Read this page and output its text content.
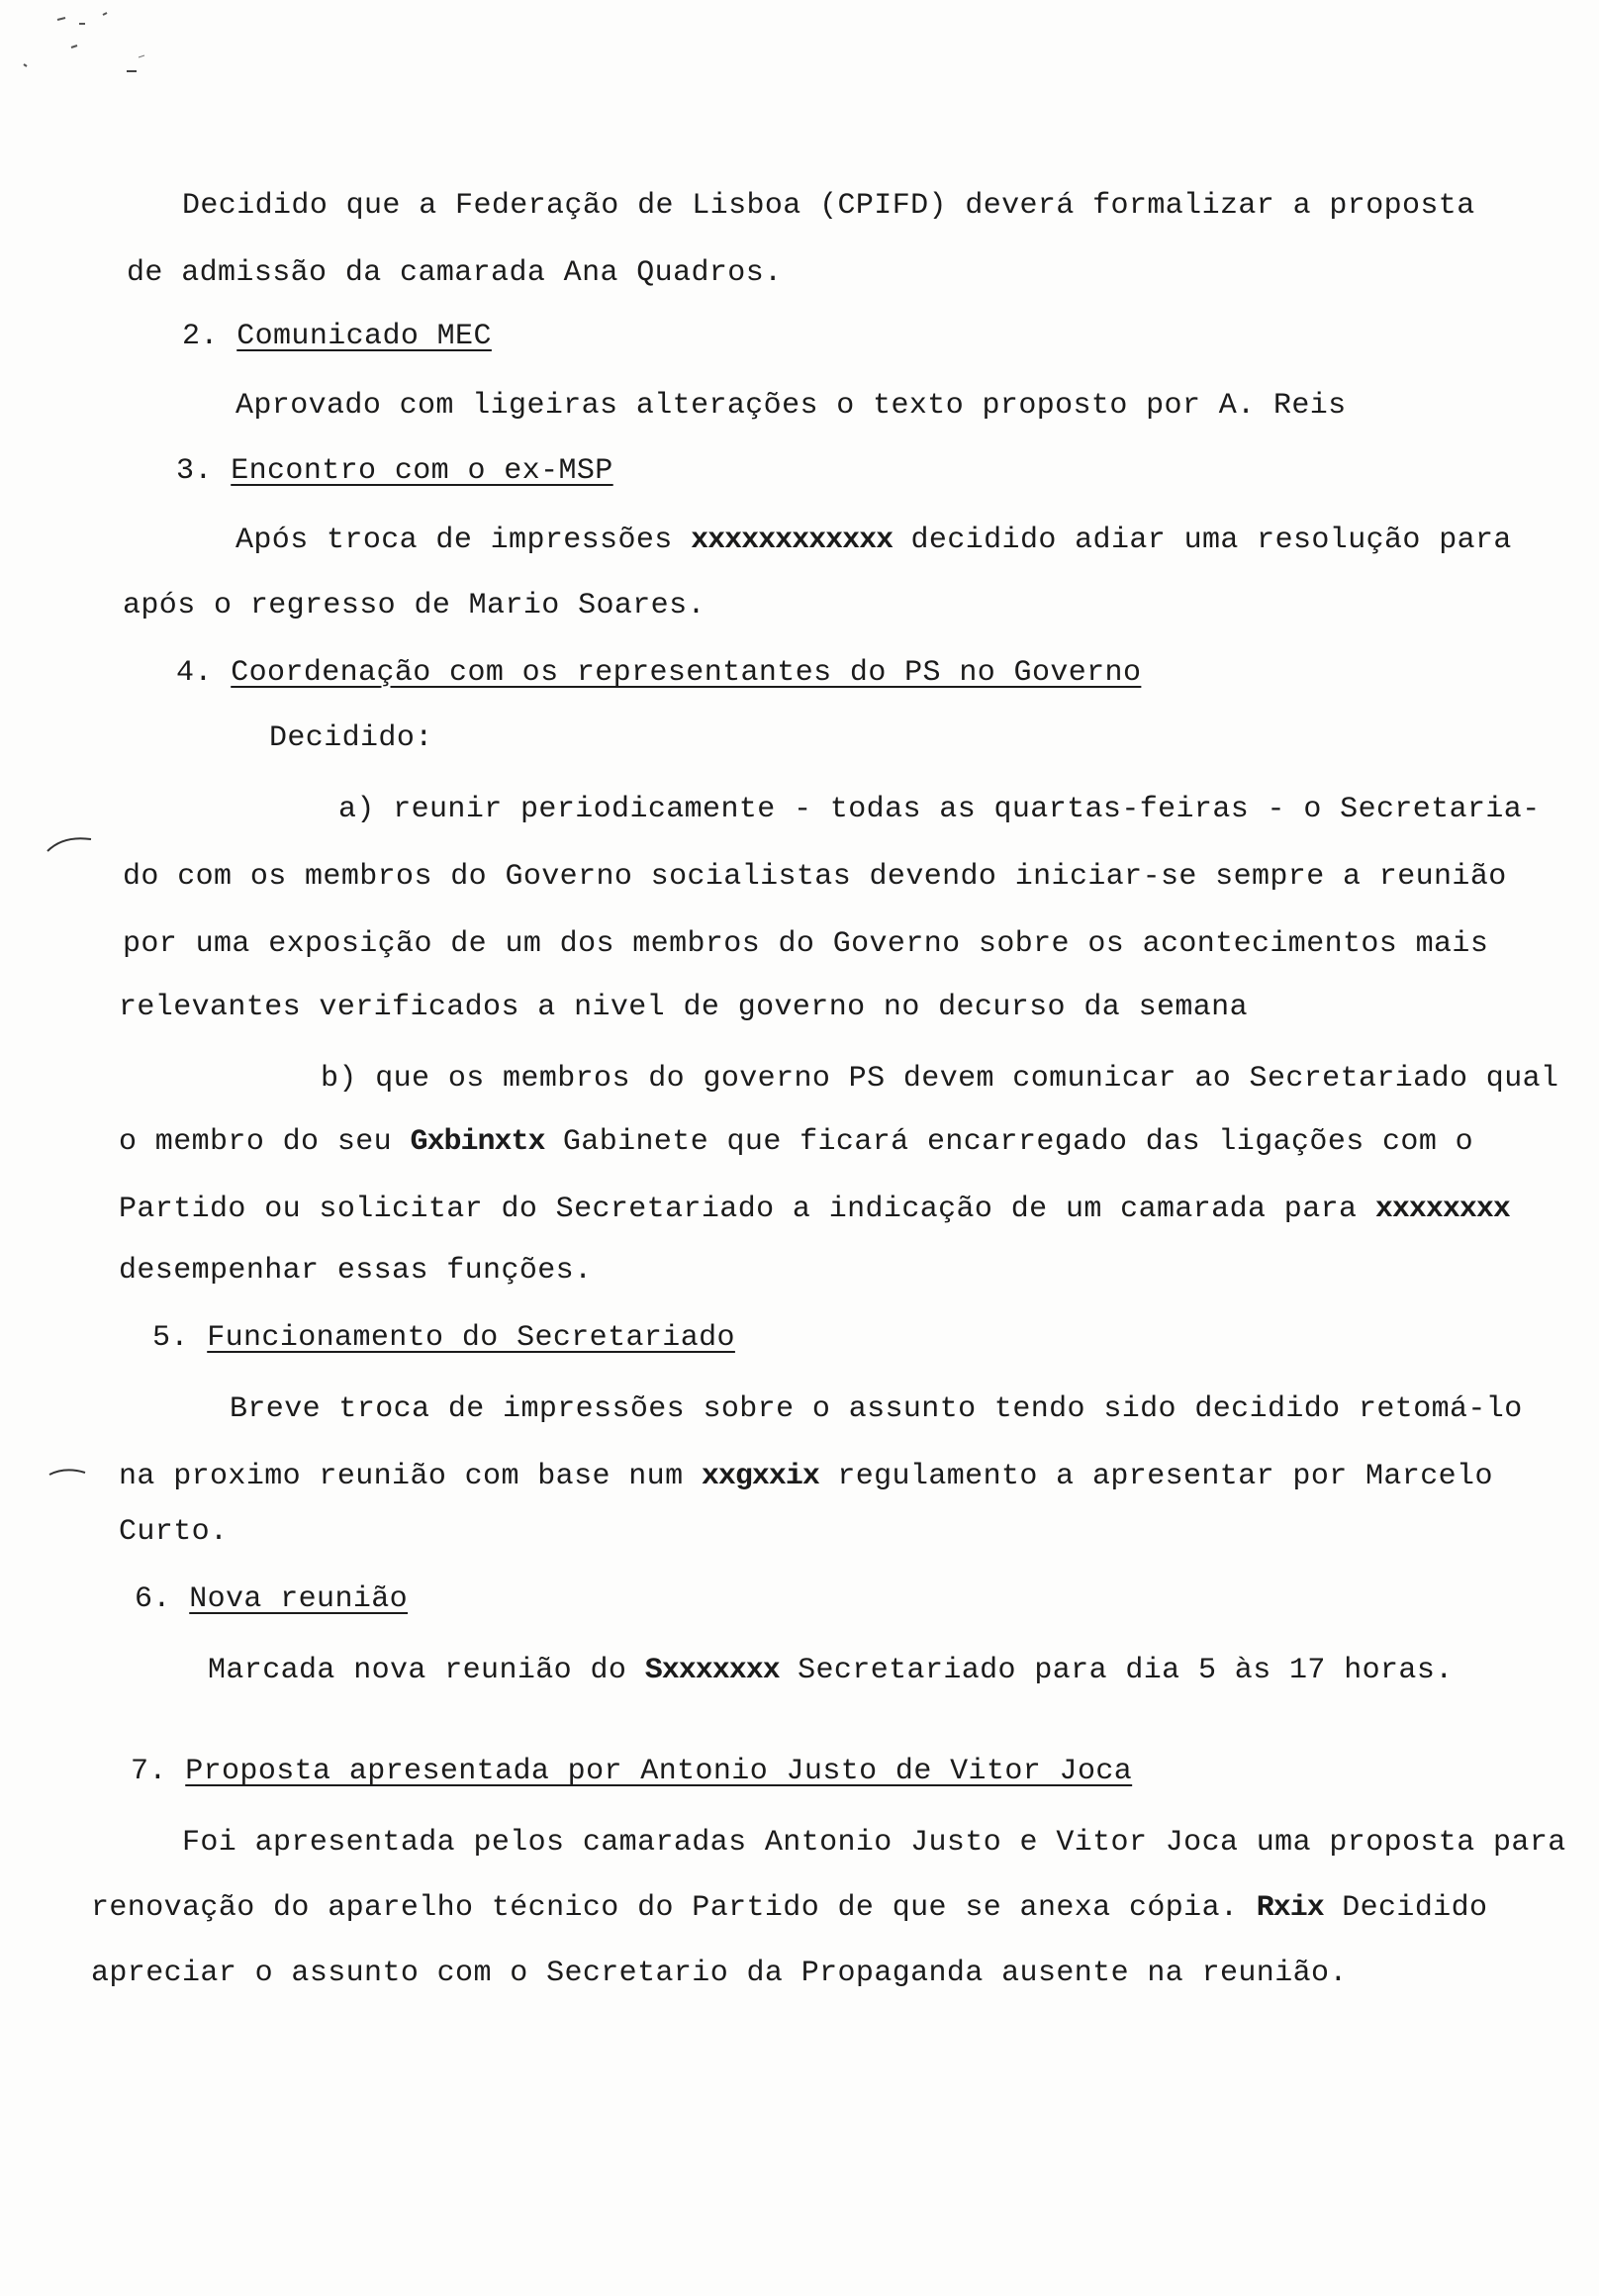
Decidido que a Federação de Lisboa (CPIFD) deverá formalizar a proposta
de admissão da camarada Ana Quadros.
2. Comunicado MEC
Aprovado com ligeiras alterações o texto proposto por A. Reis
3. Encontro com o ex-MSP
Após troca de impressões xxxxxxxxxxxx decidido adiar uma resolução para
após o regresso de Mario Soares.
4. Coordenação com os representantes do PS no Governo
Decidido:
a) reunir periodicamente - todas as quartas-feiras - o Secretaria-
do com os membros do Governo socialistas devendo iniciar-se sempre a reunião
por uma exposição de um dos membros do Governo sobre os acontecimentos mais
relevantes verificados a nivel de governo no decurso da semana
b) que os membros do governo PS devem comunicar ao Secretariado qual
o membro do seu Gxbinxtx Gabinete que ficará encarregado das ligações com o
Partido ou solicitar do Secretariado a indicação de um camarada para xxxxxxxx
desempenhar essas funções.
5. Funcionamento do Secretariado
Breve troca de impressões sobre o assunto tendo sido decidido retomá-lo
na proximo reunião com base num xxgxxix regulamento a apresentar por Marcelo
Curto.
6. Nova reunião
Marcada nova reunião do Sxxxxxxx Secretariado para dia 5 às 17 horas.
7. Proposta apresentada por Antonio Justo de Vitor Joca
Foi apresentada pelos camaradas Antonio Justo e Vitor Joca uma proposta para
renovação do aparelho técnico do Partido de que se anexa cópia. Rxix Decidido
apreciar o assunto com o Secretario da Propaganda ausente na reunião.
